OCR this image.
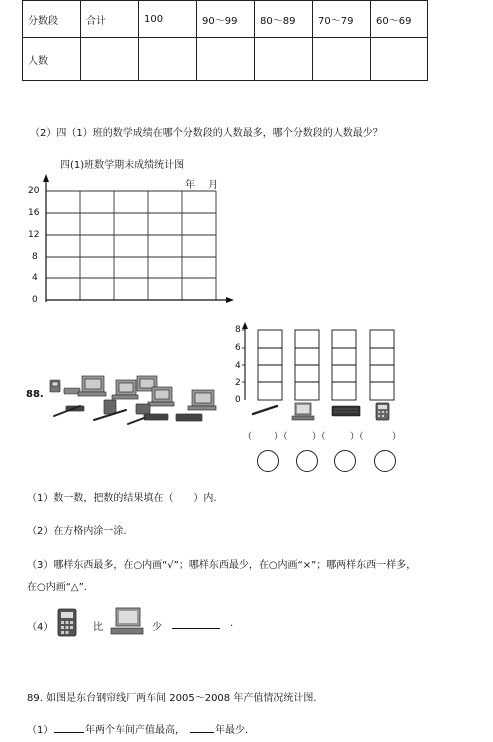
分数段	合计	100	90～99	80～89	70～79	60～69
人数						
（2）四（1）班的数学成绩在哪个分数段的人数最多，哪个分数段的人数最少？
四(1)班数学期末成绩统计图
年　 月
20
16
12
8
4
0
88.
8
6
4
2
0
（ ）（	）（	）（	）
（1）数一数，把数的结果填在（　　）内.
（2）在方格内涂一涂.
（3）哪样东西最多，在○内画“√”；哪样东西最少，在○内画“×”；哪两样东西一样多，
在○内画“△”.
（4）	比	少	.
89. 如图是东台钢帘线厂两车间 2005～2008 年产值情况统计图.
（1）	年两个车间产值最高，	年最少.
